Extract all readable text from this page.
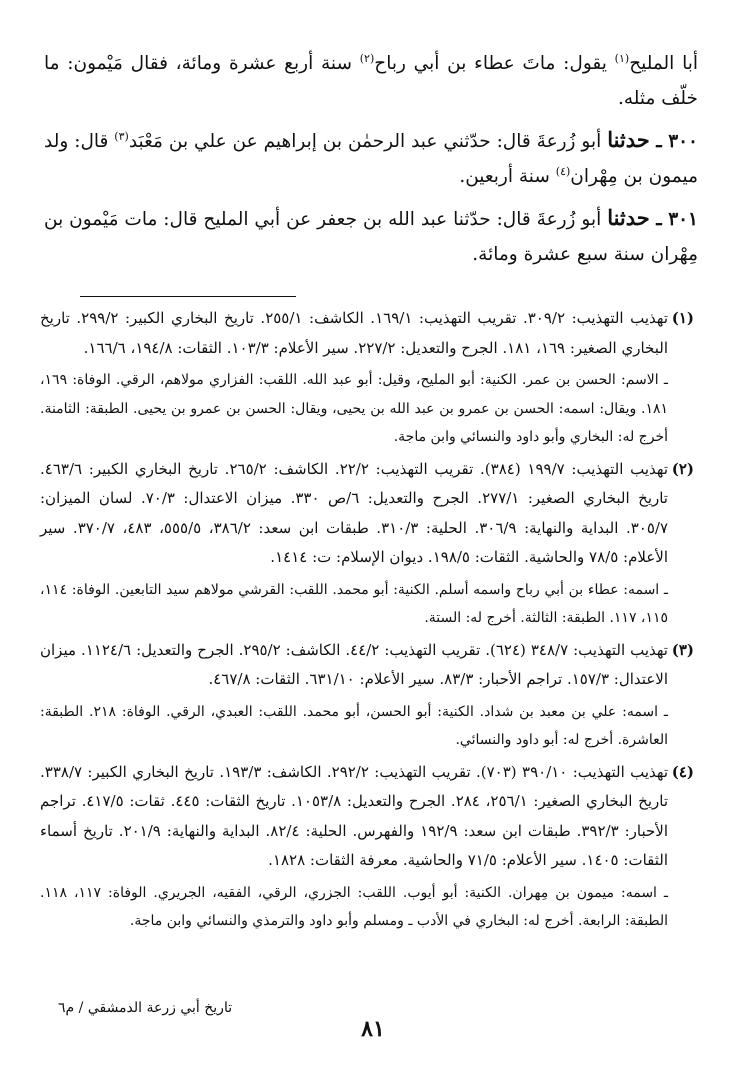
أبا المليح$^{(١)}$ يقول: ماتَ عطاء بن أبي رباح$^{(٢)}$ سنة أربع عشرة ومائة، فقال مَيْمون: ما خلّف مثله.

٣٠٠ ـ حدثنا أبو زُرعةَ قال: حدّثني عبد الرحمٰن بن إبراهيم عن علي بن مَعْبَد$^{(٣)}$ قال: ولد ميمون بن مِهْران$^{(٤)}$ سنة أربعين.

٣٠١ ـ حدثنا أبو زُرعةَ قال: حدّثنا عبد الله بن جعفر عن أبي المليح قال: مات مَيْمون بن مِهْران سنة سبع عشرة ومائة.

(١)
تهذيب التهذيب: ٣٠٩/٢. تقريب التهذيب: ١٦٩/١. الكاشف: ٢٥٥/١. تاريخ البخاري الكبير: ٢٩٩/٢. تاريخ البخاري الصغير: ١٦٩، ١٨١. الجرح والتعديل: ٢٢٧/٢. سير الأعلام: ١٠٣/٣. الثقات: ١٩٤/٨، ١٦٦/٦.

ـ الاسم: الحسن بن عمر. الكنية: أبو المليح، وقيل: أبو عبد الله. اللقب: الفزاري مولاهم، الرقي. الوفاة: ١٦٩، ١٨١. ويقال: اسمه: الحسن بن عمرو بن عبد الله بن يحيى، ويقال: الحسن بن عمرو بن يحيى. الطبقة: الثامنة. أخرج له: البخاري وأبو داود والنسائي وابن ماجة.

(٢)
تهذيب التهذيب: ١٩٩/٧ (٣٨٤). تقريب التهذيب: ٢٢/٢. الكاشف: ٢٦٥/٢. تاريخ البخاري الكبير: ٤٦٣/٦. تاريخ البخاري الصغير: ٢٧٧/١. الجرح والتعديل: ٦/ص ٣٣٠. ميزان الاعتدال: ٧٠/٣. لسان الميزان: ٣٠٥/٧. البداية والنهاية: ٣٠٦/٩. الحلية: ٣١٠/٣. طبقات ابن سعد: ٣٨٦/٢، ٥٥٥/٥، ٤٨٣، ٣٧٠/٧. سير الأعلام: ٧٨/٥ والحاشية. الثقات: ١٩٨/٥. ديوان الإسلام: ت: ١٤١٤.

ـ اسمه: عطاء بن أبي رباح واسمه أسلم. الكنية: أبو محمد. اللقب: القرشي مولاهم سيد التابعين. الوفاة: ١١٤، ١١٥، ١١٧. الطبقة: الثالثة. أخرج له: الستة.

(٣)
تهذيب التهذيب: ٣٤٨/٧ (٦٢٤). تقريب التهذيب: ٤٤/٢. الكاشف: ٢٩٥/٢. الجرح والتعديل: ١١٢٤/٦. ميزان الاعتدال: ١٥٧/٣. تراجم الأحبار: ٨٣/٣. سير الأعلام: ٦٣١/١٠. الثقات: ٤٦٧/٨.

ـ اسمه: علي بن معبد بن شداد. الكنية: أبو الحسن، أبو محمد. اللقب: العبدي، الرقي. الوفاة: ٢١٨. الطبقة: العاشرة. أخرج له: أبو داود والنسائي.

(٤)
تهذيب التهذيب: ٣٩٠/١٠ (٧٠٣). تقريب التهذيب: ٢٩٢/٢. الكاشف: ١٩٣/٣. تاريخ البخاري الكبير: ٣٣٨/٧. تاريخ البخاري الصغير: ٢٥٦/١، ٢٨٤. الجرح والتعديل: ١٠٥٣/٨. تاريخ الثقات: ٤٤٥. ثقات: ٤١٧/٥. تراجم الأحبار: ٣٩٢/٣. طبقات ابن سعد: ١٩٢/٩ والفهرس. الحلية: ٨٢/٤. البداية والنهاية: ٢٠١/٩. تاريخ أسماء الثقات: ١٤٠٥. سير الأعلام: ٧١/٥ والحاشية. معرفة الثقات: ١٨٢٨.

ـ اسمه: ميمون بن مِهران. الكنية: أبو أيوب. اللقب: الجزري، الرقي، الفقيه، الجريري. الوفاة: ١١٧، ١١٨. الطبقة: الرابعة. أخرج له: البخاري في الأدب ـ ومسلم وأبو داود والترمذي والنسائي وابن ماجة.

تاريخ أبي زرعة الدمشقي / م٦
٨١
